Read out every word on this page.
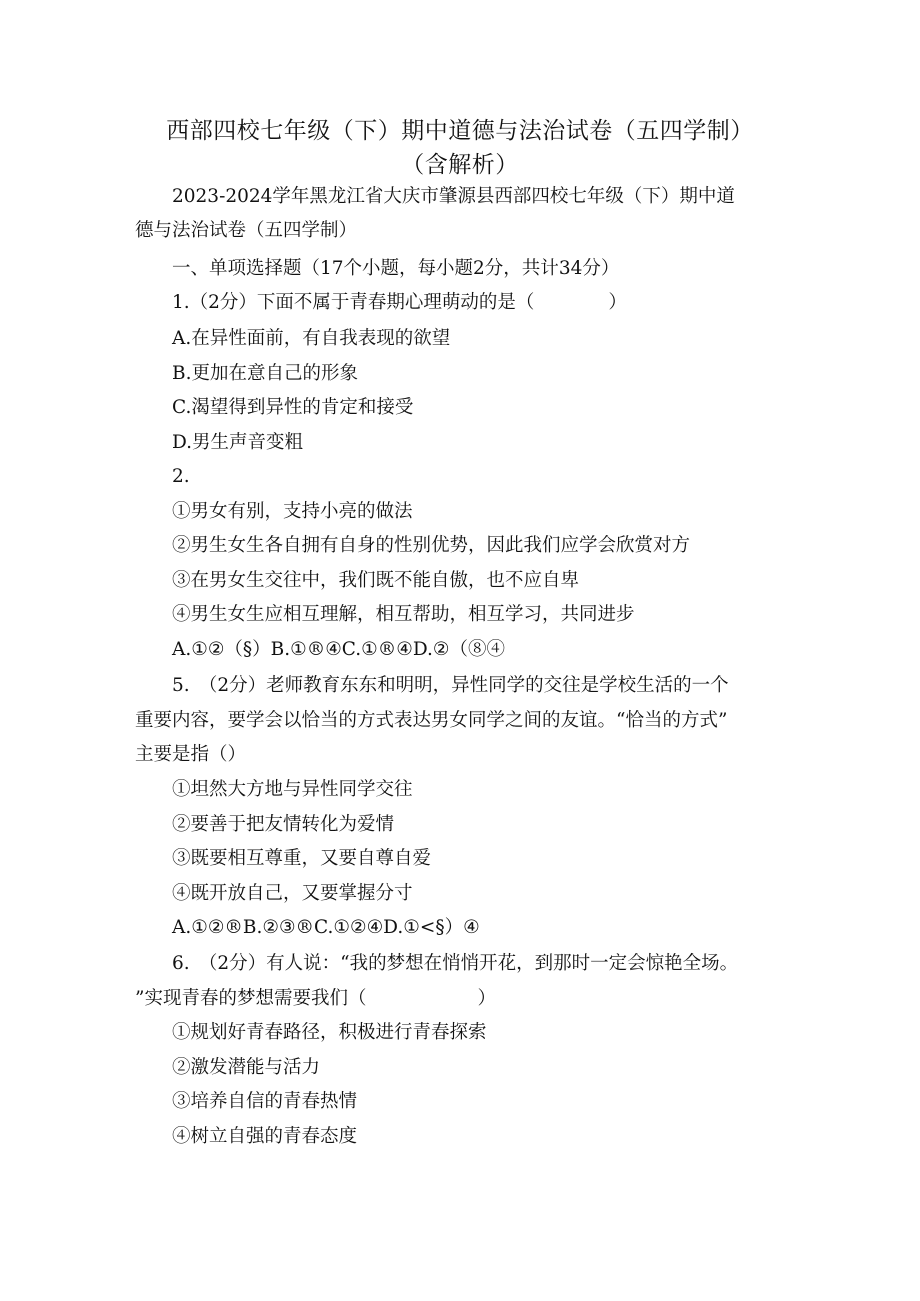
西部四校七年级（下）期中道德与法治试卷（五四学制）
（含解析）
2023-2024学年黑龙江省大庆市肇源县西部四校七年级（下）期中道
德与法治试卷（五四学制）
一、单项选择题（17个小题，每小题2分，共计34分）
1.（2分）下面不属于青春期心理萌动的是（　　　　）
A.在异性面前，有自我表现的欲望
B.更加在意自己的形象
C.渴望得到异性的肯定和接受
D.男生声音变粗
2.
①男女有别，支持小亮的做法
②男生女生各自拥有自身的性别优势，因此我们应学会欣赏对方
③在男女生交往中，我们既不能自傲，也不应自卑
④男生女生应相互理解，相互帮助，相互学习，共同进步
A.①②（§）B.①®④C.①®④D.②（⑧④
5.　（2分）老师教育东东和明明，异性同学的交往是学校生活的一个
重要内容，要学会以恰当的方式表达男女同学之间的友谊。“恰当的方式”
主要是指（）
①坦然大方地与异性同学交往
②要善于把友情转化为爱情
③既要相互尊重，又要自尊自爱
④既开放自己，又要掌握分寸
A.①②®B.②③®C.①②④D.①<§）④
6.　（2分）有人说：“我的梦想在悄悄开花，到那时一定会惊艳全场。
”实现青春的梦想需要我们（　　　　　　）
①规划好青春路径，积极进行青春探索
②激发潜能与活力
③培养自信的青春热情
④树立自强的青春态度
